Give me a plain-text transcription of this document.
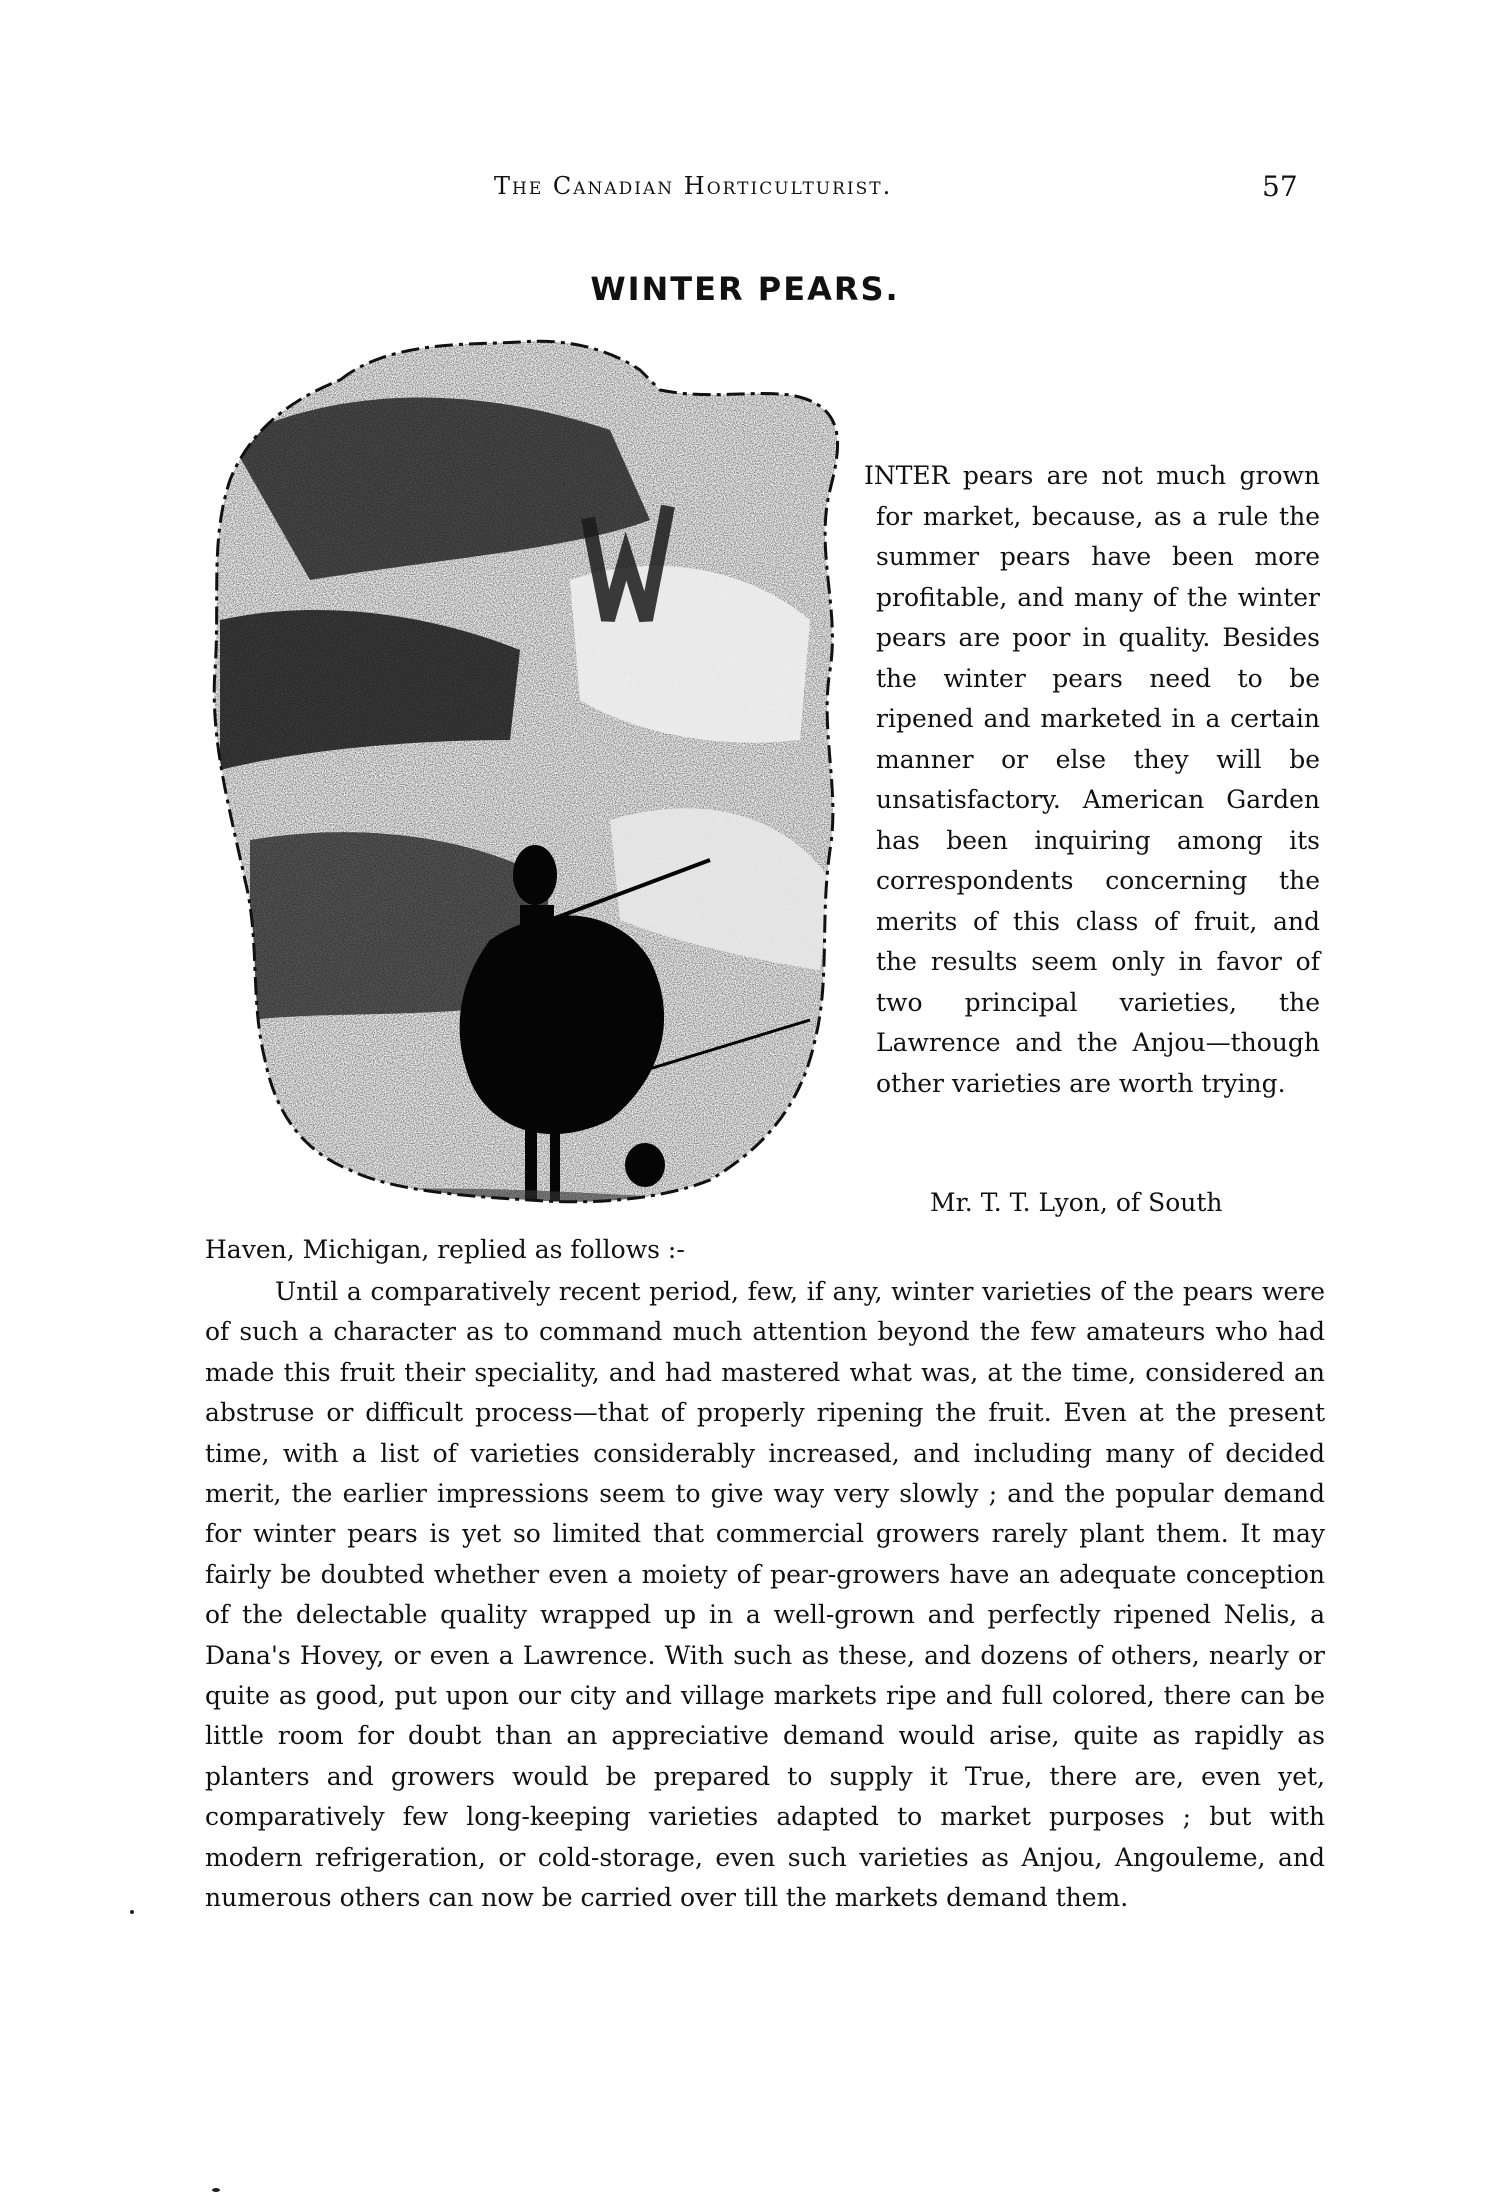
The Canadian Horticulturist.	57
WINTER PEARS.

INTER pears are not much grown for market, because, as a rule the summer pears have been more profitable, and many of the winter pears are poor in quality. Besides the winter pears need to be ripened and marketed in a certain manner or else they will be unsatisfactory. American Garden has been inquiring among its correspondents concerning the merits of this class of fruit, and the results seem only in favor of two principal varieties, the Lawrence and the Anjou—though other varieties are worth trying.

Mr. T. T. Lyon, of South
Haven, Michigan, replied as follows :-

Until a comparatively recent period, few, if any, winter varieties of the pears were of such a character as to command much attention beyond the few amateurs who had made this fruit their speciality, and had mastered what was, at the time, considered an abstruse or difficult process—that of properly ripening the fruit. Even at the present time, with a list of varieties considerably increased, and including many of decided merit, the earlier impressions seem to give way very slowly ; and the popular demand for winter pears is yet so limited that commercial growers rarely plant them. It may fairly be doubted whether even a moiety of pear-growers have an adequate conception of the delectable quality wrapped up in a well-grown and perfectly ripened Nelis, a Dana's Hovey, or even a Lawrence. With such as these, and dozens of others, nearly or quite as good, put upon our city and village markets ripe and full colored, there can be little room for doubt than an appreciative demand would arise, quite as rapidly as planters and growers would be prepared to supply it True, there are, even yet, comparatively few long-keeping varieties adapted to market purposes ; but with modern refrigeration, or cold-storage, even such varieties as Anjou, Angouleme, and numerous others can now be carried over till the markets demand them.
